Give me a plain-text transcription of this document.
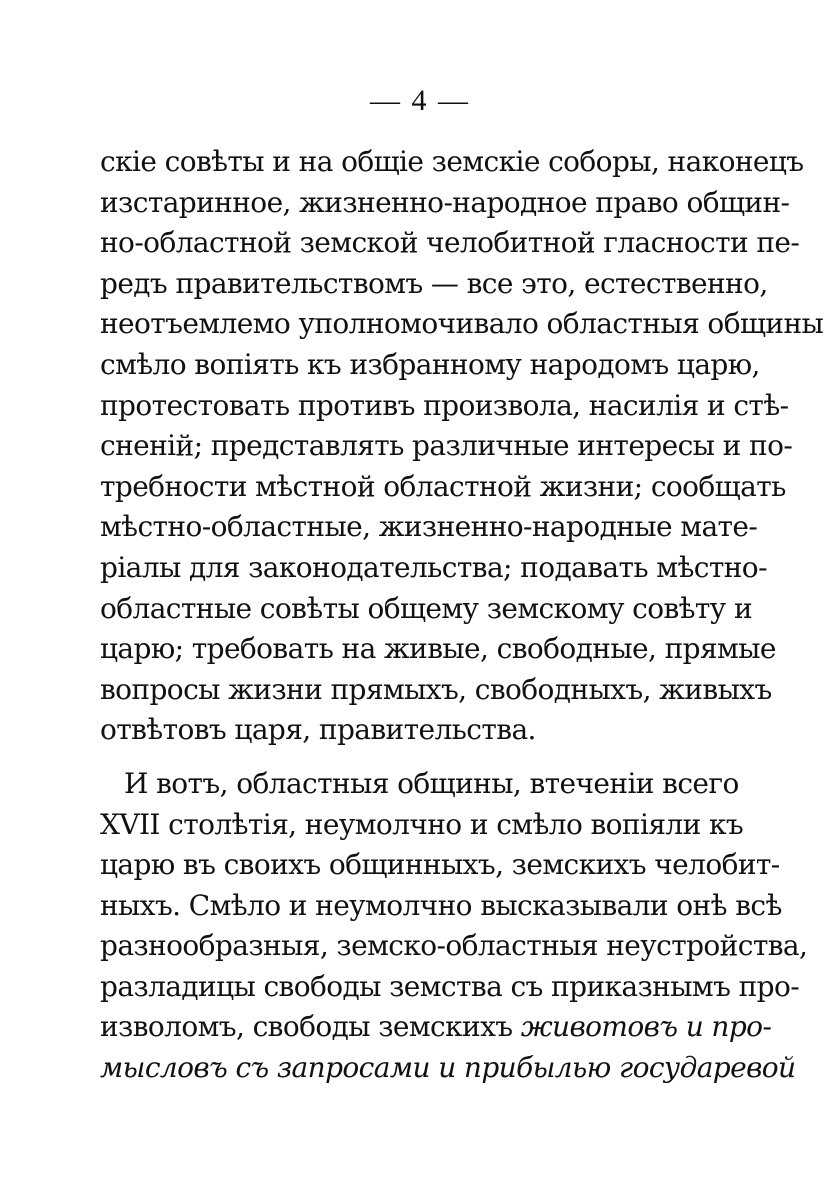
— 4 —
скіе совѣты и на общіе земскіе соборы, наконецъ
изстаринное, жизненно-народное право общин-
но-областной земской челобитной гласности пе-
редъ правительствомъ — все это, естественно,
неотъемлемо уполномочивало областныя общины
смѣло вопіять къ избранному народомъ царю,
протестовать противъ произвола, насилія и стѣ-
сненій; представлять различные интересы и по-
требности мѣстной областной жизни; сообщать
мѣстно-областные, жизненно-народные мате-
ріалы для законодательства; подавать мѣстно-
областные совѣты общему земскому совѣту и
царю; требовать на живые, свободные, прямые
вопросы жизни прямыхъ, свободныхъ, живыхъ
отвѣтовъ царя, правительства.
И вотъ, областныя общины, втеченіи всего
XVII столѣтія, неумолчно и смѣло вопіяли къ
царю въ своихъ общинныхъ, земскихъ челобит-
ныхъ. Смѣло и неумолчно высказывали онѣ всѣ
разнообразныя, земско-областныя неустройства,
разладицы свободы земства съ приказнымъ про-
изволомъ, свободы земскихъ животовъ и про-
мысловъ съ запросами и прибылью государевой
